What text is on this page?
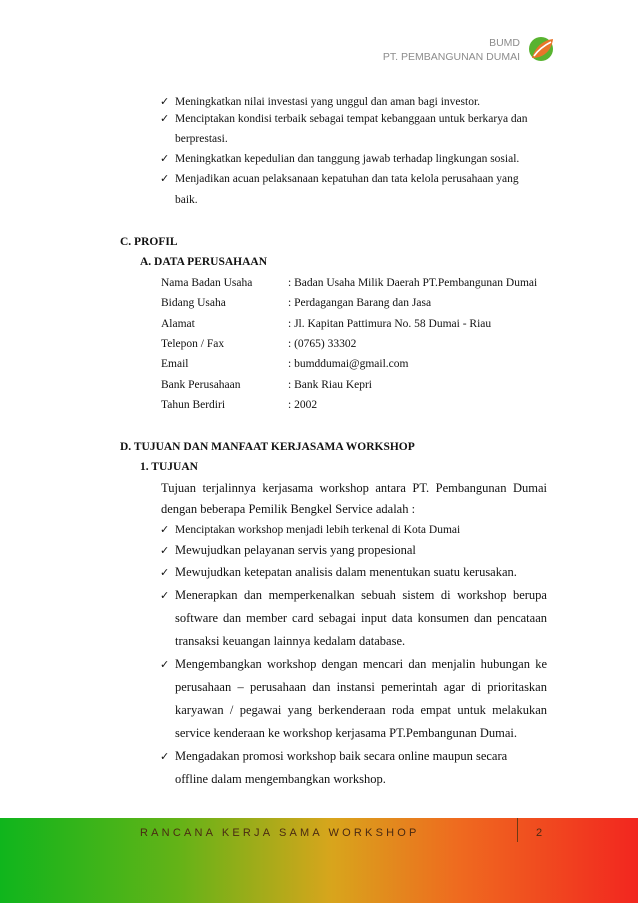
BUMD
PT. PEMBANGUNAN DUMAI
✓ Meningkatkan nilai investasi yang unggul dan aman bagi investor.
✓ Menciptakan kondisi terbaik sebagai tempat kebanggaan untuk berkarya dan
berprestasi.
✓ Meningkatkan kepedulian dan tanggung jawab terhadap lingkungan sosial.
✓ Menjadikan acuan pelaksanaan kepatuhan dan tata kelola perusahaan yang
baik.
C. PROFIL
A. DATA PERUSAHAAN
Nama Badan Usaha	: Badan Usaha Milik Daerah PT.Pembangunan Dumai
Bidang Usaha	: Perdagangan Barang dan Jasa
Alamat	: Jl. Kapitan Pattimura No. 58 Dumai - Riau
Telepon / Fax	: (0765) 33302
Email	: bumddumai@gmail.com
Bank Perusahaan	: Bank Riau Kepri
Tahun Berdiri	: 2002
D. TUJUAN DAN MANFAAT KERJASAMA WORKSHOP
1. TUJUAN
Tujuan terjalinnya kerjasama workshop antara PT. Pembangunan Dumai
dengan beberapa Pemilik Bengkel Service adalah :
✓ Menciptakan workshop menjadi lebih terkenal di Kota Dumai
✓ Mewujudkan pelayanan servis yang propesional
✓ Mewujudkan ketepatan analisis dalam menentukan suatu kerusakan.
✓ Menerapkan dan memperkenalkan sebuah sistem di workshop berupa
software dan member card sebagai input data konsumen dan pencataan
transaksi keuangan lainnya kedalam database.
✓ Mengembangkan workshop dengan mencari dan menjalin hubungan ke
perusahaan – perusahaan dan instansi pemerintah agar di prioritaskan
karyawan / pegawai yang berkenderaan roda empat untuk melakukan
service kenderaan ke workshop kerjasama PT.Pembangunan Dumai.
✓ Mengadakan promosi workshop baik secara online maupun secara
offline dalam mengembangkan workshop.
RANCANA KERJA SAMA WORKSHOP	2
